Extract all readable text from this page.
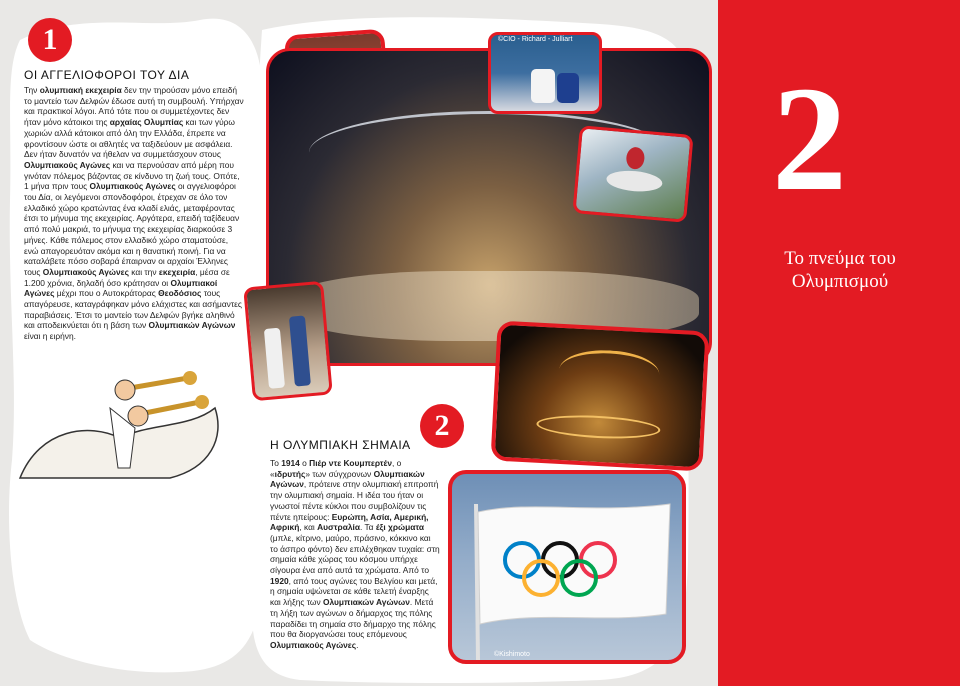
2
Το πνεύμα του
Ολυμπισμού
1
ΟΙ ΑΓΓΕΛΙΟΦΟΡΟΙ ΤΟΥ ΔΙΑ
Την ολυμπιακή εκεχειρία δεν την τηρούσαν μόνο επειδή το μαντείο των Δελφών έδωσε αυτή τη συμβουλή. Υπήρχαν και πρακτικοί λόγοι. Από τότε που οι συμμετέχοντες δεν ήταν μόνο κάτοικοι της αρχαίας Ολυμπίας και των γύρω χωριών αλλά κάτοικοι από όλη την Ελλάδα, έπρεπε να φροντίσουν ώστε οι αθλητές να ταξιδεύουν με ασφάλεια. Δεν ήταν δυνατόν να ήθελαν να συμμετάσχουν στους Ολυμπιακούς Αγώνες και να περνούσαν από μέρη που γινόταν πόλεμος βάζοντας σε κίνδυνο τη ζωή τους. Οπότε, 1 μήνα πριν τους Ολυμπιακούς Αγώνες οι αγγελιοφόροι του Δία, οι λεγόμενοι σπονδοφόροι, έτρεχαν σε όλο τον ελλαδικό χώρο κρατώντας ένα κλαδί ελιάς, μεταφέροντας έτσι το μήνυμα της εκεχειρίας. Αργότερα, επειδή ταξίδευαν από πολύ μακριά, το μήνυμα της εκεχειρίας διαρκούσε 3 μήνες. Κάθε πόλεμος στον ελλαδικό χώρο σταματούσε, ενώ απαγορευόταν ακόμα και η θανατική ποινή. Για να καταλάβετε πόσο σοβαρά έπαιρναν οι αρχαίοι Έλληνες τους Ολυμπιακούς Αγώνες και την εκεχειρία, μέσα σε 1.200 χρόνια, δηλαδή όσο κράτησαν οι Ολυμπιακοί Αγώνες μέχρι που ο Αυτοκράτορας Θεοδόσιος τους απαγόρευσε, καταγράφηκαν μόνο ελάχιστες και ασήμαντες παραβιάσεις. Έτσι το μαντείο των Δελφών βγήκε αληθινό και αποδεικνύεται ότι η βάση των Ολυμπιακών Αγώνων είναι η ειρήνη.
©CIO - Richard - Julliart
2
Η ΟΛΥΜΠΙΑΚΗ ΣΗΜΑΙΑ
Το 1914 ο Πιέρ ντε Κουμπερτέν, ο «ιδρυτής» των σύγχρονων Ολυμπιακών Αγώνων, πρότεινε στην ολυμπιακή επιτροπή την ολυμπιακή σημαία. Η ιδέα του ήταν οι γνωστοί πέντε κύκλοι που συμβολίζουν τις πέντε ηπείρους: Ευρώπη, Ασία, Αμερική, Αφρική, και Αυστραλία. Τα έξι χρώματα (μπλε, κίτρινο, μαύρο, πράσινο, κόκκινο και το άσπρο φόντο) δεν επιλέχθηκαν τυχαία: στη σημαία κάθε χώρας του κόσμου υπήρχε σίγουρα ένα από αυτά τα χρώματα. Από το 1920, από τους αγώνες του Βελγίου και μετά, η σημαία υψώνεται σε κάθε τελετή έναρξης και λήξης των Ολυμπιακών Αγώνων. Μετά τη λήξη των αγώνων ο δήμαρχος της πόλης παραδίδει τη σημαία στο δήμαρχο της πόλης που θα διοργανώσει τους επόμενους Ολυμπιακούς Αγώνες.
©Kishimoto
